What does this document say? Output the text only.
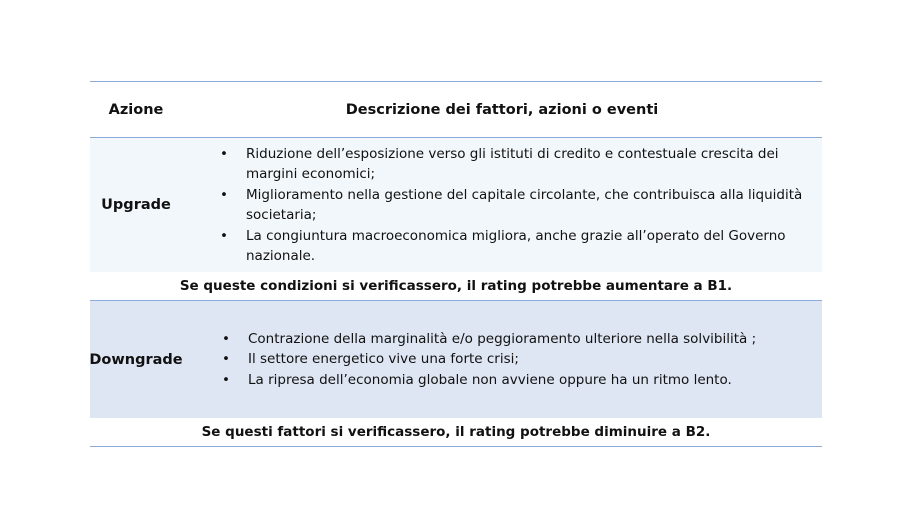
Azione	Descrizione dei fattori, azioni o eventi
Upgrade
• Riduzione dell’esposizione verso gli istituti di credito e contestuale crescita dei margini economici;
• Miglioramento nella gestione del capitale circolante, che contribuisca alla liquidità societaria;
• La congiuntura macroeconomica migliora, anche grazie all’operato del Governo nazionale.
Se queste condizioni si verificassero, il rating potrebbe aumentare a B1.
Downgrade
• Contrazione della marginalità e/o peggioramento ulteriore nella solvibilità ;
• Il settore energetico vive una forte crisi;
• La ripresa dell’economia globale non avviene oppure ha un ritmo lento.
Se questi fattori si verificassero, il rating potrebbe diminuire a B2.
